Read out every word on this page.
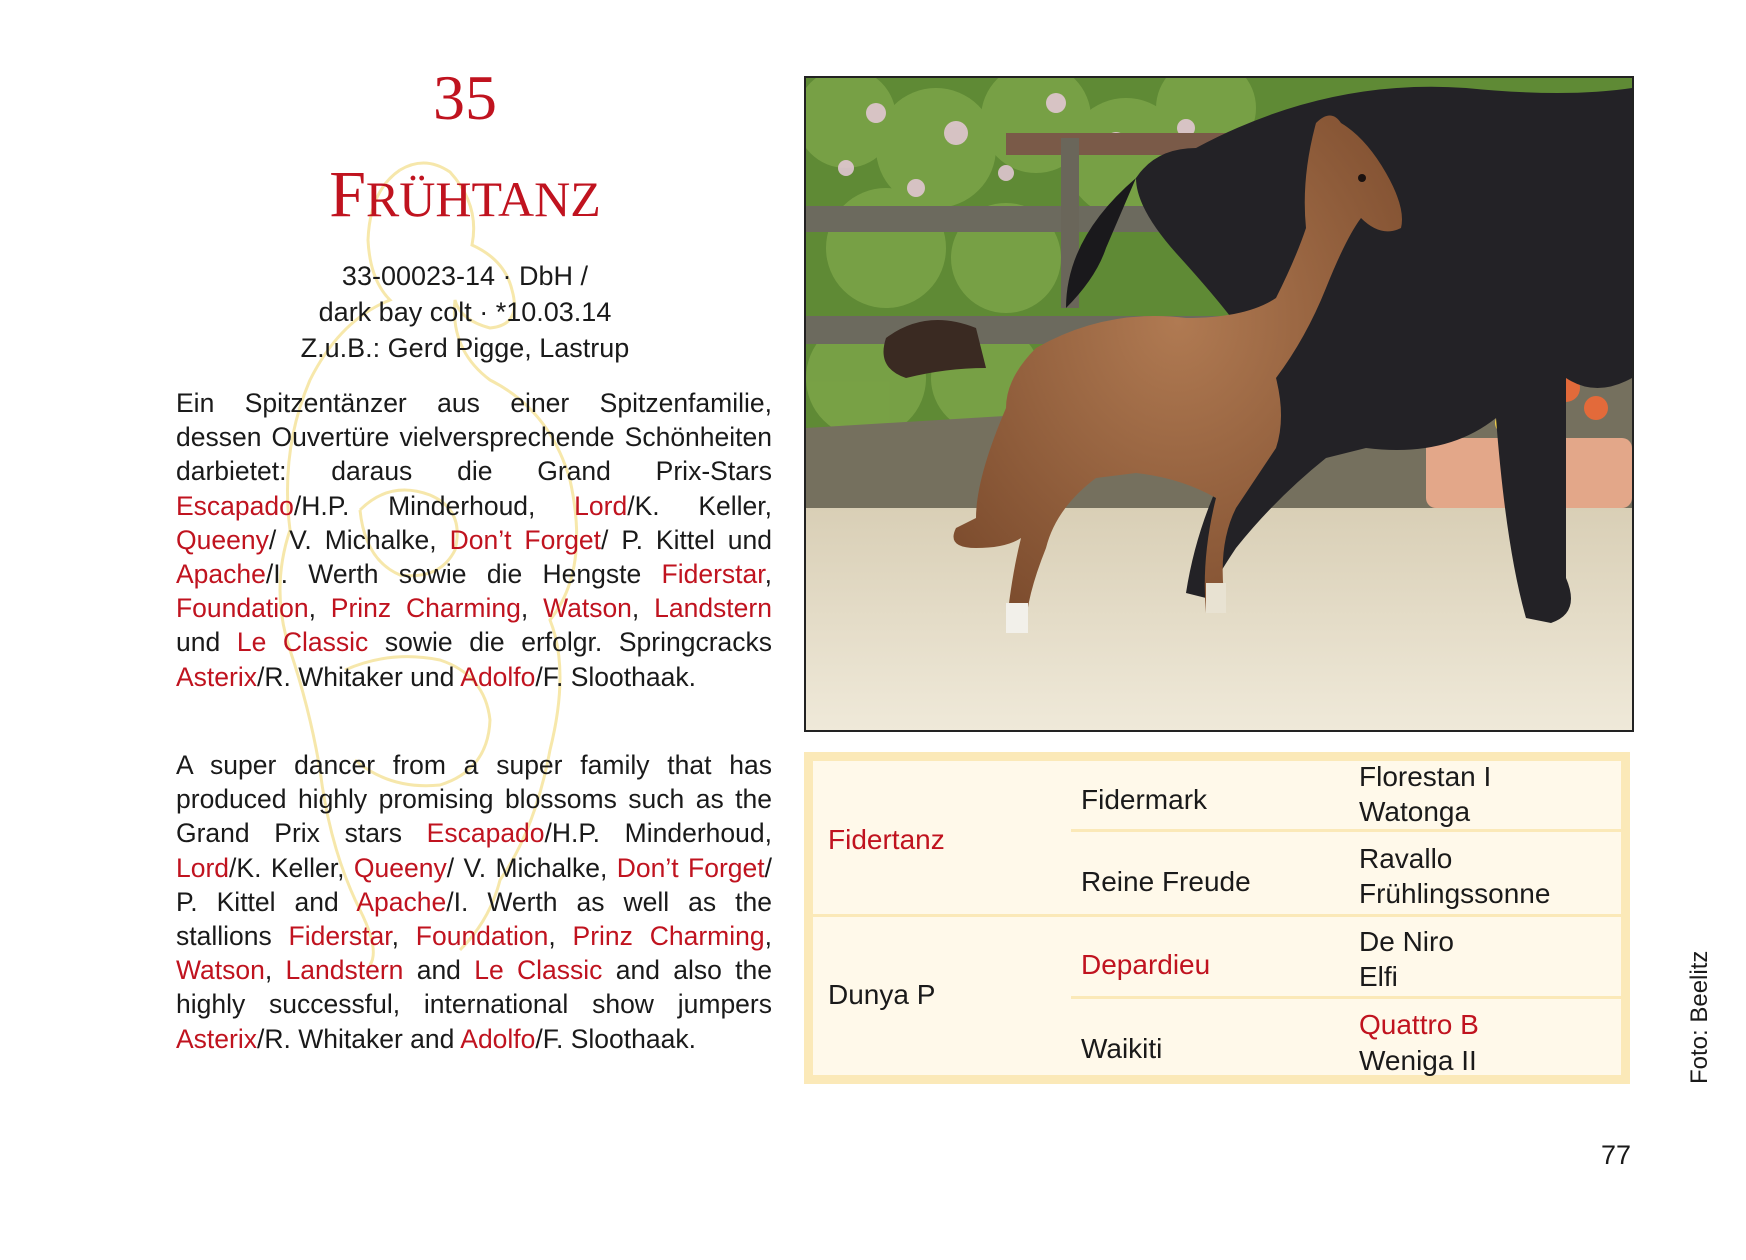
35
FRÜHTANZ
33-00023-14 · DbH /
dark bay colt · *10.03.14
Z.u.B.: Gerd Pigge, Lastrup
Ein Spitzentänzer aus einer Spitzenfamilie, dessen Ouvertüre vielversprechende Schönheiten darbietet: daraus die Grand Prix-Stars Escapado/H.P. Minderhoud, Lord/K. Keller, Queeny/ V. Michalke, Don’t Forget/ P. Kittel und Apache/I. Werth sowie die Hengste Fiderstar, Foundation, Prinz Charming, Watson, Landstern und Le Classic sowie die erfolgr. Springcracks Asterix/R. Whitaker und Adolfo/F. Sloothaak.
A super dancer from a super family that has produced highly promising blossoms such as the Grand Prix stars Escapado/H.P. Minderhoud, Lord/K. Keller, Queeny/ V. Michalke, Don’t Forget/ P. Kittel and Apache/I. Werth as well as the stallions Fiderstar, Foundation, Prinz Charming, Watson, Landstern and Le Classic and also the highly successful, international show jumpers Asterix/R. Whitaker and Adolfo/F. Sloothaak.
Fidertanz
Dunya P
Fidermark
Reine Freude
Depardieu
Waikiti
Florestan I
Watonga
Ravallo
Frühlingssonne
De Niro
Elfi
Quattro B
Weniga II	Foto: Beelitz
77
